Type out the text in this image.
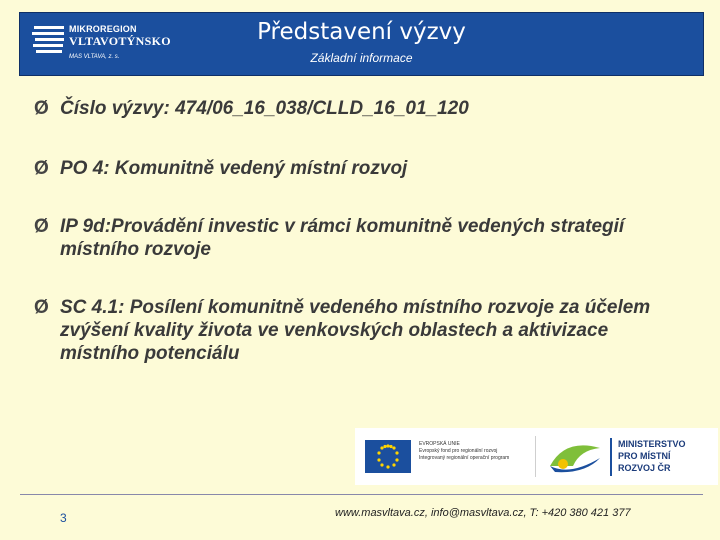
MIKROREGION
VLTAVOTÝNSKO
MAS VLTAVA, z. s.
Představení výzvy
Základní informace
Ø Číslo výzvy: 474/06_16_038/CLLD_16_01_120
Ø PO 4: Komunitně vedený místní rozvoj
Ø IP 9d:Provádění investic v rámci komunitně vedených strategií místního rozvoje
Ø SC 4.1: Posílení komunitně vedeného místního rozvoje za účelem zvýšení kvality života ve venkovských oblastech a aktivizace místního potenciálu
EVROPSKÁ UNIE
Evropský fond pro regionální rozvoj
Integrovaný regionální operační program
MINISTERSTVO
PRO MÍSTNÍ
ROZVOJ ČR
3	www.masvltava.cz, info@masvltava.cz, T: +420 380 421 377
